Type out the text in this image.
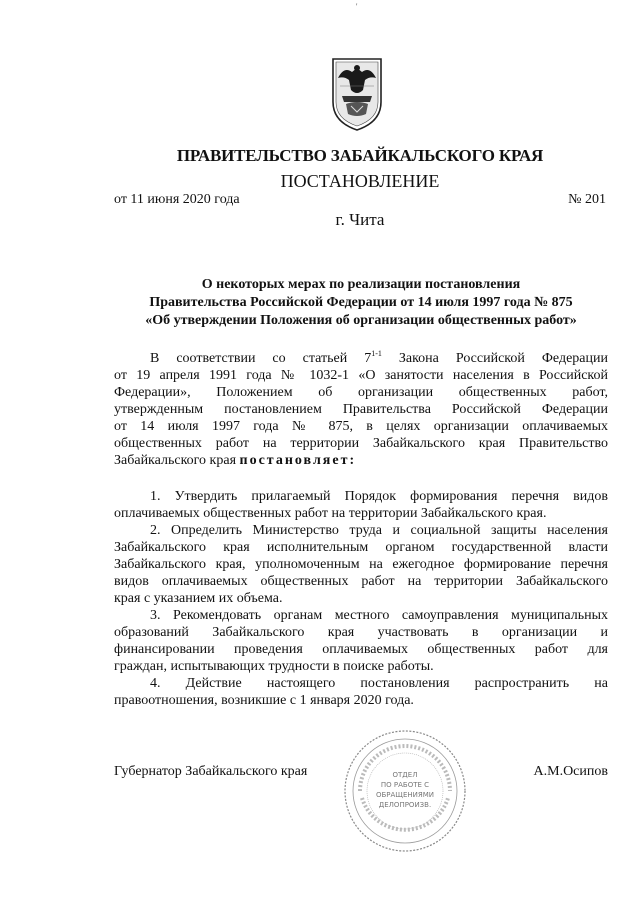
'
ПРАВИТЕЛЬСТВО ЗАБАЙКАЛЬСКОГО КРАЯ
ПОСТАНОВЛЕНИЕ
от 11 июня 2020 года	№ 201
г. Чита
О некоторых мерах по реализации постановления
Правительства Российской Федерации от 14 июля 1997 года № 875
«Об утверждении Положения об организации общественных работ»
В соответствии со статьей 7$^{1-1}$ Закона Российской Федерации
от 19 апреля 1991 года № 1032-1 «О занятости населения в Российской
Федерации», Положением об организации общественных работ,
утвержденным постановлением Правительства Российской Федерации
от 14 июля 1997 года № 875, в целях организации оплачиваемых
общественных работ на территории Забайкальского края Правительство
Забайкальского края постановляет:
1. Утвердить прилагаемый Порядок формирования перечня видов
оплачиваемых общественных работ на территории Забайкальского края.
2. Определить Министерство труда и социальной защиты населения
Забайкальского края исполнительным органом государственной власти
Забайкальского края, уполномоченным на ежегодное формирование перечня
видов оплачиваемых общественных работ на территории Забайкальского
края с указанием их объема.
3. Рекомендовать органам местного самоуправления муниципальных
образований Забайкальского края участвовать в организации и
финансировании проведения оплачиваемых общественных работ для
граждан, испытывающих трудности в поиске работы.
4. Действие настоящего постановления распространить на
правоотношения, возникшие с 1 января 2020 года.
ОТДЕЛ
ПО РАБОТЕ С
ОБРАЩЕНИЯМИ
ДЕЛОПРОИЗВ.
Губернатор Забайкальского края	А.М.Осипов
